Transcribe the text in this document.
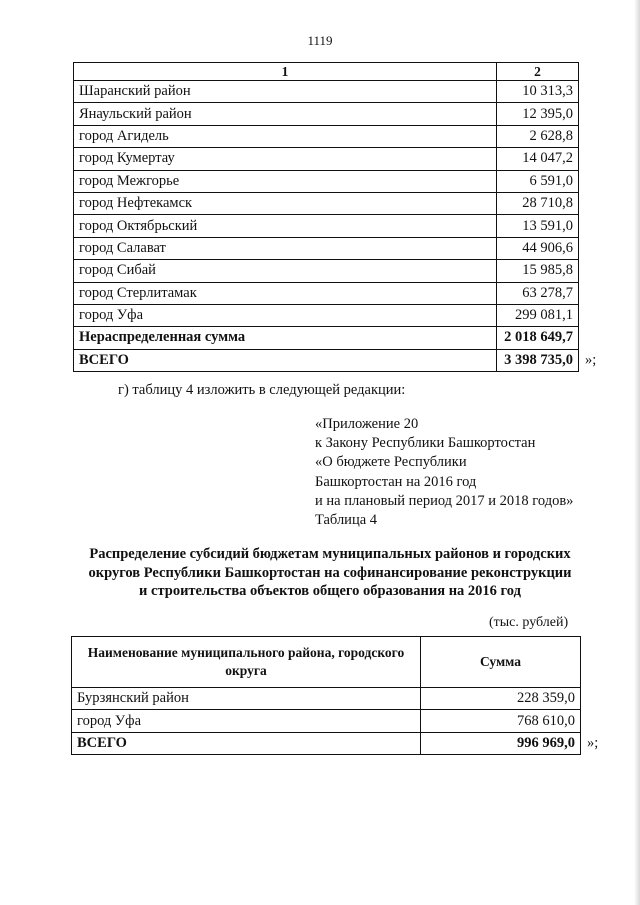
1119
1	2
Шаранский район	10 313,3
Янаульский район	12 395,0
город Агидель	2 628,8
город Кумертау	14 047,2
город Межгорье	6 591,0
город Нефтекамск	28 710,8
город Октябрьский	13 591,0
город Салават	44 906,6
город Сибай	15 985,8
город Стерлитамак	63 278,7
город Уфа	299 081,1
Нераспределенная сумма	2 018 649,7
ВСЕГО	3 398 735,0 »;
г) таблицу 4 изложить в следующей редакции:
«Приложение 20
к Закону Республики Башкортостан
«О бюджете Республики
Башкортостан на 2016 год
и на плановый период 2017 и 2018 годов»
Таблица 4
Распределение субсидий бюджетам муниципальных районов и городских
округов Республики Башкортостан на софинансирование реконструкции
и строительства объектов общего образования на 2016 год
(тыс. рублей)
Наименование муниципального района, городского округа	Сумма
Бурзянский район	228 359,0
город Уфа	768 610,0
ВСЕГО	996 969,0 »;
